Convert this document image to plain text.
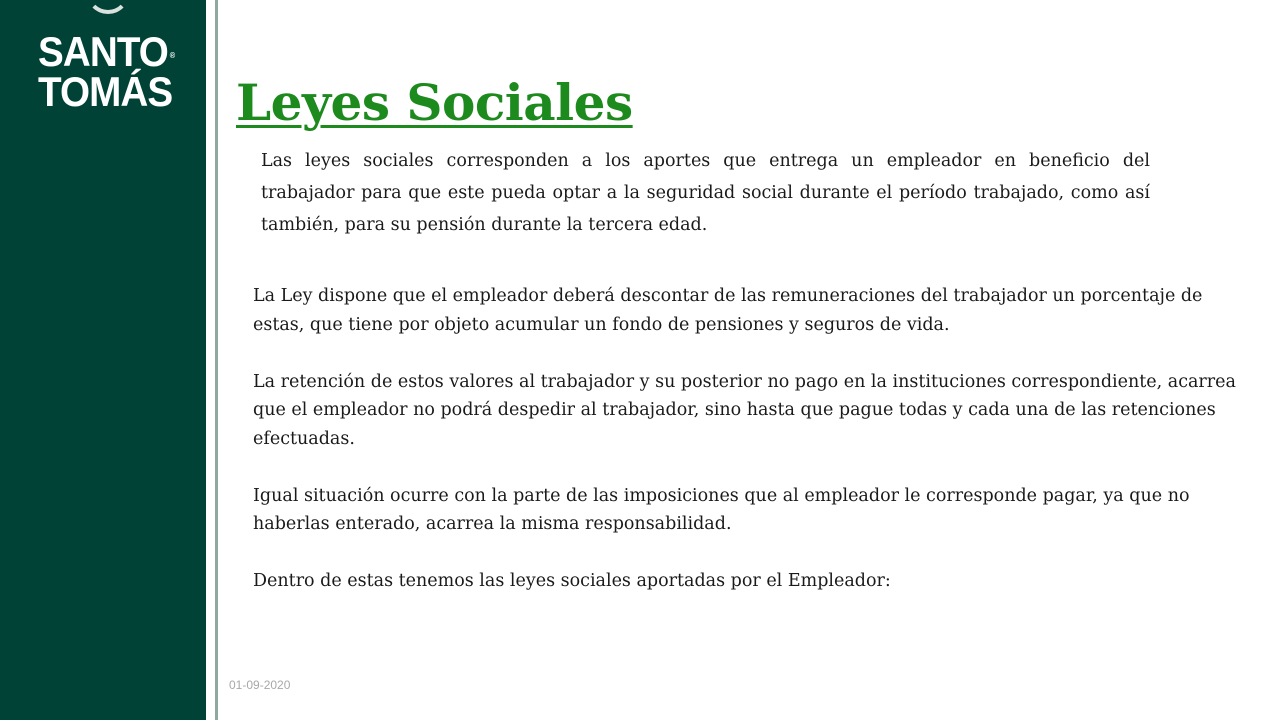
SANTO ®
TOMÁS Leyes Sociales

Las leyes sociales corresponden a los aportes que entrega un empleador en beneficio del trabajador para que este pueda optar a la seguridad social durante el período trabajado, como así también, para su pensión durante la tercera edad.

La Ley dispone que el empleador deberá descontar de las remuneraciones del trabajador un porcentaje de estas, que tiene por objeto acumular un fondo de pensiones y seguros de vida.

La retención de estos valores al trabajador y su posterior no pago en la instituciones correspondiente, acarrea que el empleador no podrá despedir al trabajador, sino hasta que pague todas y cada una de las retenciones efectuadas.

Igual situación ocurre con la parte de las imposiciones que al empleador le corresponde pagar, ya que no haberlas enterado, acarrea la misma responsabilidad.

Dentro de estas tenemos las leyes sociales aportadas por el Empleador:

01-09-2020
